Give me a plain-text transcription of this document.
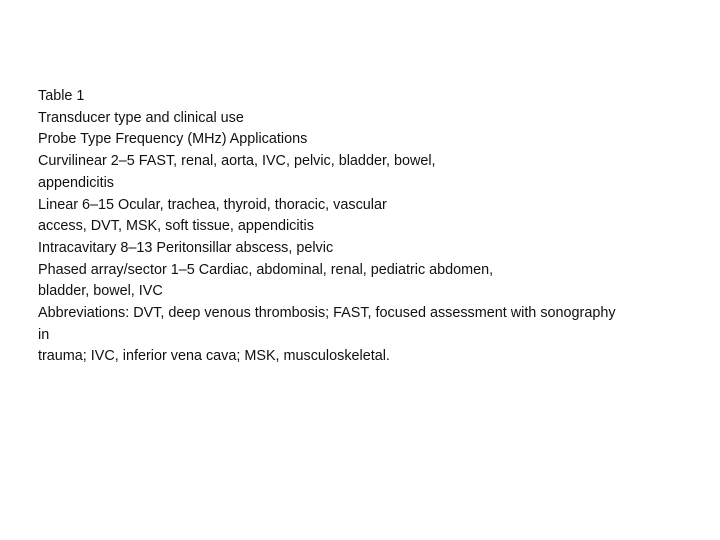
Table 1
Transducer type and clinical use
Probe Type Frequency (MHz) Applications
Curvilinear 2–5 FAST, renal, aorta, IVC, pelvic, bladder, bowel,
appendicitis
Linear 6–15 Ocular, trachea, thyroid, thoracic, vascular
access, DVT, MSK, soft tissue, appendicitis
Intracavitary 8–13 Peritonsillar abscess, pelvic
Phased array/sector 1–5 Cardiac, abdominal, renal, pediatric abdomen,
bladder, bowel, IVC
Abbreviations: DVT, deep venous thrombosis; FAST, focused assessment with sonography
in
trauma; IVC, inferior vena cava; MSK, musculoskeletal.
